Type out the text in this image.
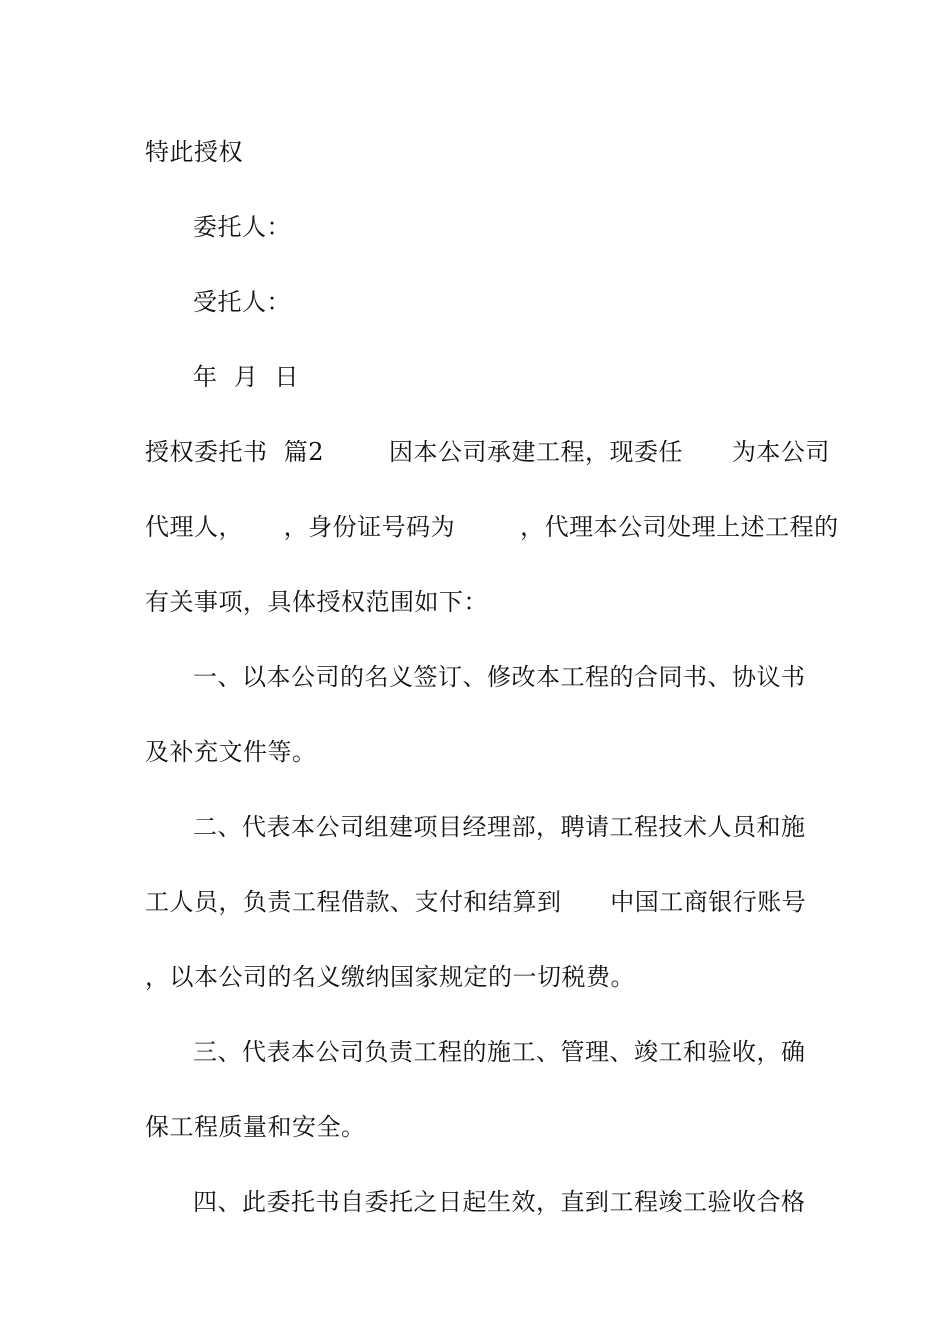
特此授权
委托人：
受托人：
年  月  日
授权委托书  篇2        因本公司承建工程，现委任      为本公司
代理人，     ，身份证号码为        ，代理本公司处理上述工程的
有关事项，具体授权范围如下：
一、以本公司的名义签订、修改本工程的合同书、协议书
及补充文件等。
二、代表本公司组建项目经理部，聘请工程技术人员和施
工人员，负责工程借款、支付和结算到      中国工商银行账号
，以本公司的名义缴纳国家规定的一切税费。
三、代表本公司负责工程的施工、管理、竣工和验收，确
保工程质量和安全。
四、此委托书自委托之日起生效，直到工程竣工验收合格
